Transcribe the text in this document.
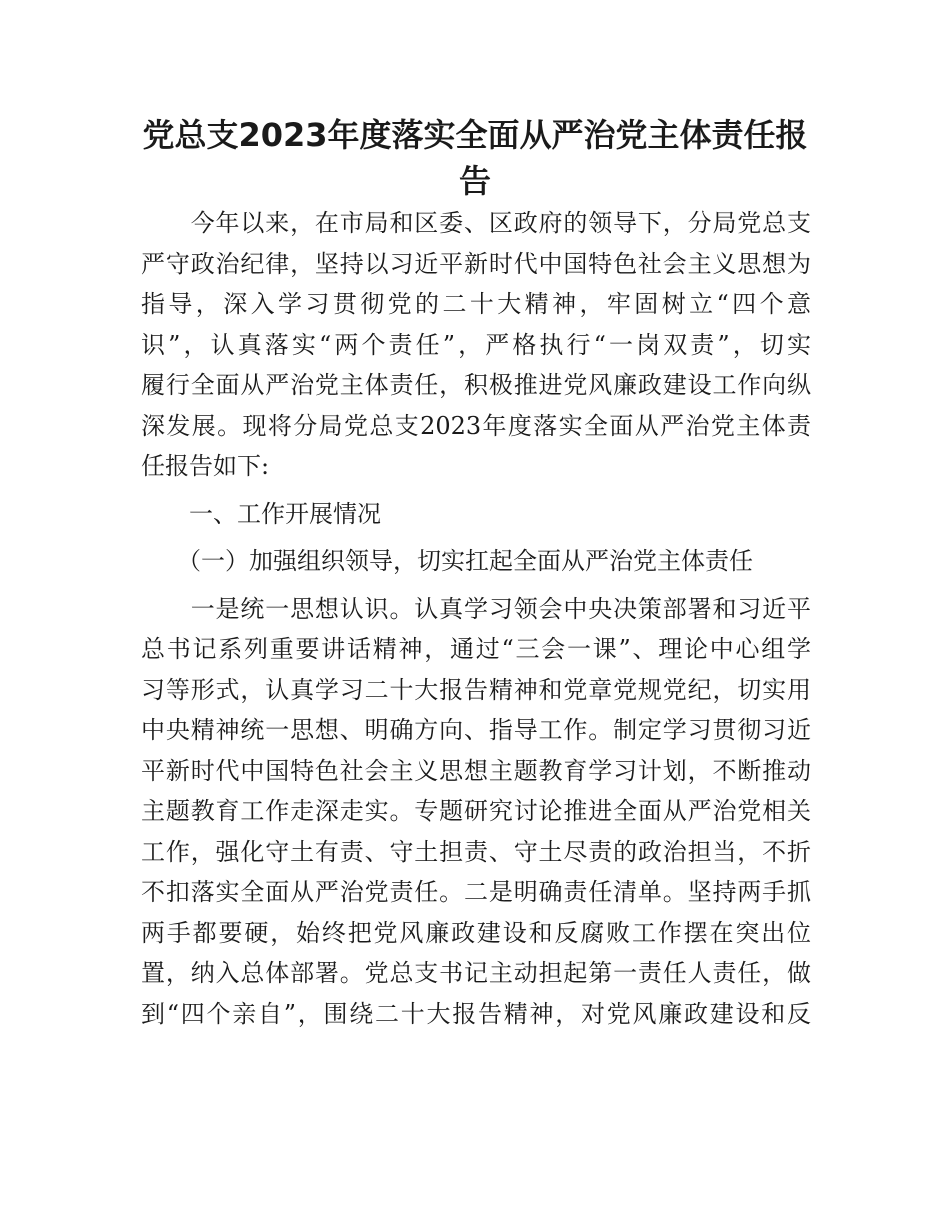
党总支2023年度落实全面从严治党主体责任报
告
　　今年以来，在市局和区委、区政府的领导下，分局党总支
严守政治纪律，坚持以习近平新时代中国特色社会主义思想为
指导，深入学习贯彻党的二十大精神，牢固树立“四个意
识”，认真落实“两个责任”，严格执行“一岗双责”，切实
履行全面从严治党主体责任，积极推进党风廉政建设工作向纵
深发展。现将分局党总支2023年度落实全面从严治党主体责
任报告如下:
　　一、工作开展情况
　　（一）加强组织领导，切实扛起全面从严治党主体责任
　　一是统一思想认识。认真学习领会中央决策部署和习近平
总书记系列重要讲话精神，通过“三会一课”、理论中心组学
习等形式，认真学习二十大报告精神和党章党规党纪，切实用
中央精神统一思想、明确方向、指导工作。制定学习贯彻习近
平新时代中国特色社会主义思想主题教育学习计划，不断推动
主题教育工作走深走实。专题研究讨论推进全面从严治党相关
工作，强化守土有责、守土担责、守土尽责的政治担当，不折
不扣落实全面从严治党责任。二是明确责任清单。坚持两手抓
两手都要硬，始终把党风廉政建设和反腐败工作摆在突出位
置，纳入总体部署。党总支书记主动担起第一责任人责任，做
到“四个亲自”，围绕二十大报告精神，对党风廉政建设和反
